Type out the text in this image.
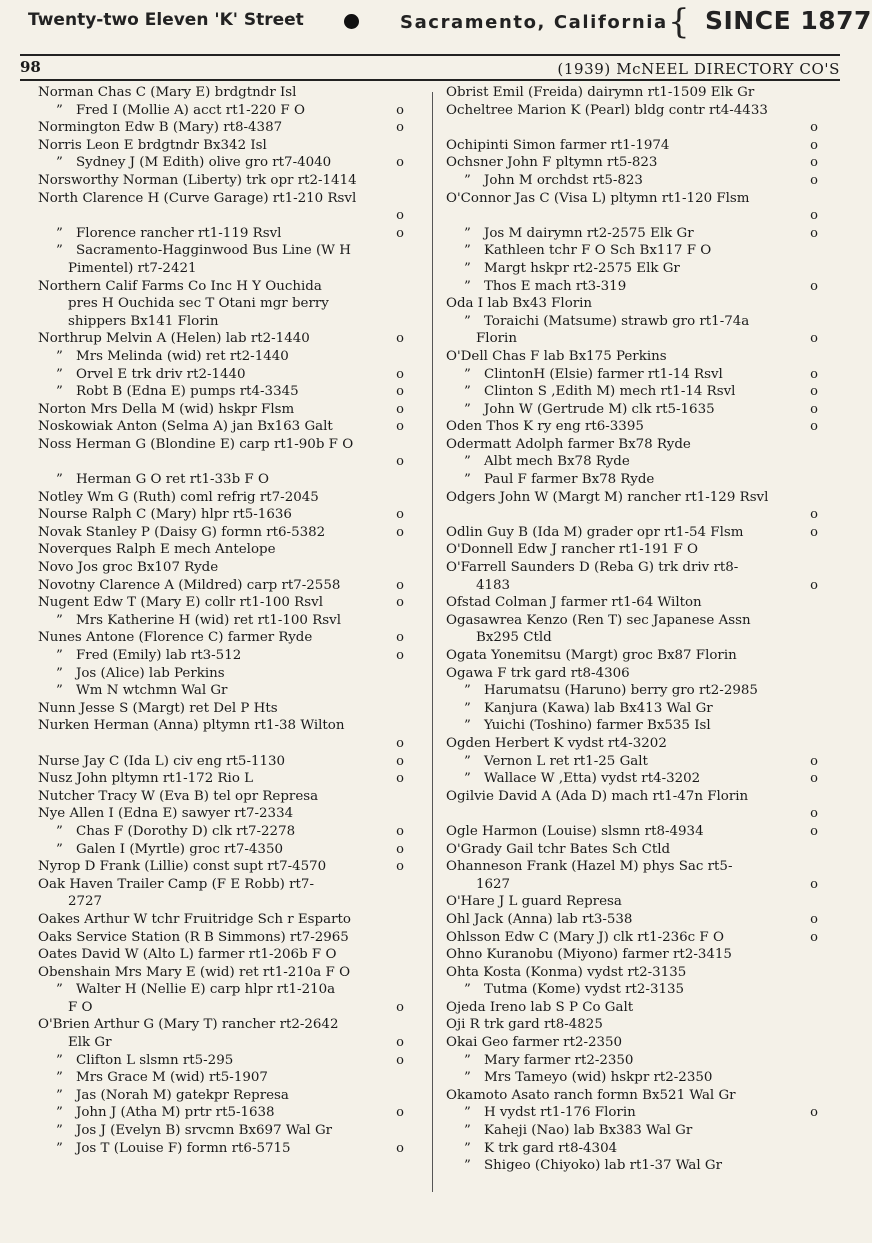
Twenty-two Eleven 'K' Street	Sacramento, California { SINCE 1877
98	(1939) McNEEL DIRECTORY CO'S
Norman Chas C (Mary E) brdgtndr Isl
” Fred I (Mollie A) acct rt1-220 F O	o
Normington Edw B (Mary) rt8-4387	o
Norris Leon E brdgtndr Bx342 Isl
” Sydney J (M Edith) olive gro rt7-4040	o
Norsworthy Norman (Liberty) trk opr rt2-1414
North Clarence H (Curve Garage) rt1-210 Rsvl

o
” Florence rancher rt1-119 Rsvl	o
” Sacramento-Hagginwood Bus Line (W H
Pimentel) rt7-2421
Northern Calif Farms Co Inc H Y Ouchida
pres H Ouchida sec T Otani mgr berry
shippers Bx141 Florin
Northrup Melvin A (Helen) lab rt2-1440	o
” Mrs Melinda (wid) ret rt2-1440
” Orvel E trk driv rt2-1440	o
” Robt B (Edna E) pumps rt4-3345	o
Norton Mrs Della M (wid) hskpr Flsm	o
Noskowiak Anton (Selma A) jan Bx163 Galt	o
Noss Herman G (Blondine E) carp rt1-90b F O

o
” Herman G O ret rt1-33b F O
Notley Wm G (Ruth) coml refrig rt7-2045
Nourse Ralph C (Mary) hlpr rt5-1636	o
Novak Stanley P (Daisy G) formn rt6-5382	o
Noverques Ralph E mech Antelope
Novo Jos groc Bx107 Ryde
Novotny Clarence A (Mildred) carp rt7-2558	o
Nugent Edw T (Mary E) collr rt1-100 Rsvl	o
” Mrs Katherine H (wid) ret rt1-100 Rsvl
Nunes Antone (Florence C) farmer Ryde	o
” Fred (Emily) lab rt3-512	o
” Jos (Alice) lab Perkins
” Wm N wtchmn Wal Gr
Nunn Jesse S (Margt) ret Del P Hts
Nurken Herman (Anna) pltymn rt1-38 Wilton

o
Nurse Jay C (Ida L) civ eng rt5-1130	o
Nusz John pltymn rt1-172 Rio L	o
Nutcher Tracy W (Eva B) tel opr Represa
Nye Allen I (Edna E) sawyer rt7-2334
” Chas F (Dorothy D) clk rt7-2278	o
” Galen I (Myrtle) groc rt7-4350	o
Nyrop D Frank (Lillie) const supt rt7-4570	o
Oak Haven Trailer Camp (F E Robb) rt7-
2727
Oakes Arthur W tchr Fruitridge Sch r Esparto
Oaks Service Station (R B Simmons) rt7-2965
Oates David W (Alto L) farmer rt1-206b F O
Obenshain Mrs Mary E (wid) ret rt1-210a F O
” Walter H (Nellie E) carp hlpr rt1-210a
F O	o
O'Brien Arthur G (Mary T) rancher rt2-2642
Elk Gr	o
” Clifton L slsmn rt5-295	o
” Mrs Grace M (wid) rt5-1907
” Jas (Norah M) gatekpr Represa
” John J (Atha M) prtr rt5-1638	o
” Jos J (Evelyn B) srvcmn Bx697 Wal Gr
” Jos T (Louise F) formn rt6-5715	o
Obrist Emil (Freida) dairymn rt1-1509 Elk Gr
Ocheltree Marion K (Pearl) bldg contr rt4-4433

o
Ochipinti Simon farmer rt1-1974	o
Ochsner John F pltymn rt5-823	o
” John M orchdst rt5-823	o
O'Connor Jas C (Visa L) pltymn rt1-120 Flsm

o
” Jos M dairymn rt2-2575 Elk Gr	o
” Kathleen tchr F O Sch Bx117 F O
” Margt hskpr rt2-2575 Elk Gr
” Thos E mach rt3-319	o
Oda I lab Bx43 Florin
” Toraichi (Matsume) strawb gro rt1-74a
Florin	o
O'Dell Chas F lab Bx175 Perkins
” ClintonH (Elsie) farmer rt1-14 Rsvl	o
” Clinton S ,Edith M) mech rt1-14 Rsvl	o
” John W (Gertrude M) clk rt5-1635	o
Oden Thos K ry eng rt6-3395	o
Odermatt Adolph farmer Bx78 Ryde
” Albt mech Bx78 Ryde
” Paul F farmer Bx78 Ryde
Odgers John W (Margt M) rancher rt1-129 Rsvl

o
Odlin Guy B (Ida M) grader opr rt1-54 Flsm	o
O'Donnell Edw J rancher rt1-191 F O
O'Farrell Saunders D (Reba G) trk driv rt8-
4183	o
Ofstad Colman J farmer rt1-64 Wilton
Ogasawrea Kenzo (Ren T) sec Japanese Assn
Bx295 Ctld
Ogata Yonemitsu (Margt) groc Bx87 Florin
Ogawa F trk gard rt8-4306
” Harumatsu (Haruno) berry gro rt2-2985
” Kanjura (Kawa) lab Bx413 Wal Gr
” Yuichi (Toshino) farmer Bx535 Isl
Ogden Herbert K vydst rt4-3202
” Vernon L ret rt1-25 Galt	o
” Wallace W ,Etta) vydst rt4-3202	o
Ogilvie David A (Ada D) mach rt1-47n Florin

o
Ogle Harmon (Louise) slsmn rt8-4934	o
O'Grady Gail tchr Bates Sch Ctld
Ohanneson Frank (Hazel M) phys Sac rt5-
1627	o
O'Hare J L guard Represa
Ohl Jack (Anna) lab rt3-538	o
Ohlsson Edw C (Mary J) clk rt1-236c F O	o
Ohno Kuranobu (Miyono) farmer rt2-3415
Ohta Kosta (Konma) vydst rt2-3135
” Tutma (Kome) vydst rt2-3135
Ojeda Ireno lab S P Co Galt
Oji R trk gard rt8-4825
Okai Geo farmer rt2-2350
” Mary farmer rt2-2350
” Mrs Tameyo (wid) hskpr rt2-2350
Okamoto Asato ranch formn Bx521 Wal Gr
” H vydst rt1-176 Florin	o
” Kaheji (Nao) lab Bx383 Wal Gr
” K trk gard rt8-4304
” Shigeo (Chiyoko) lab rt1-37 Wal Gr
